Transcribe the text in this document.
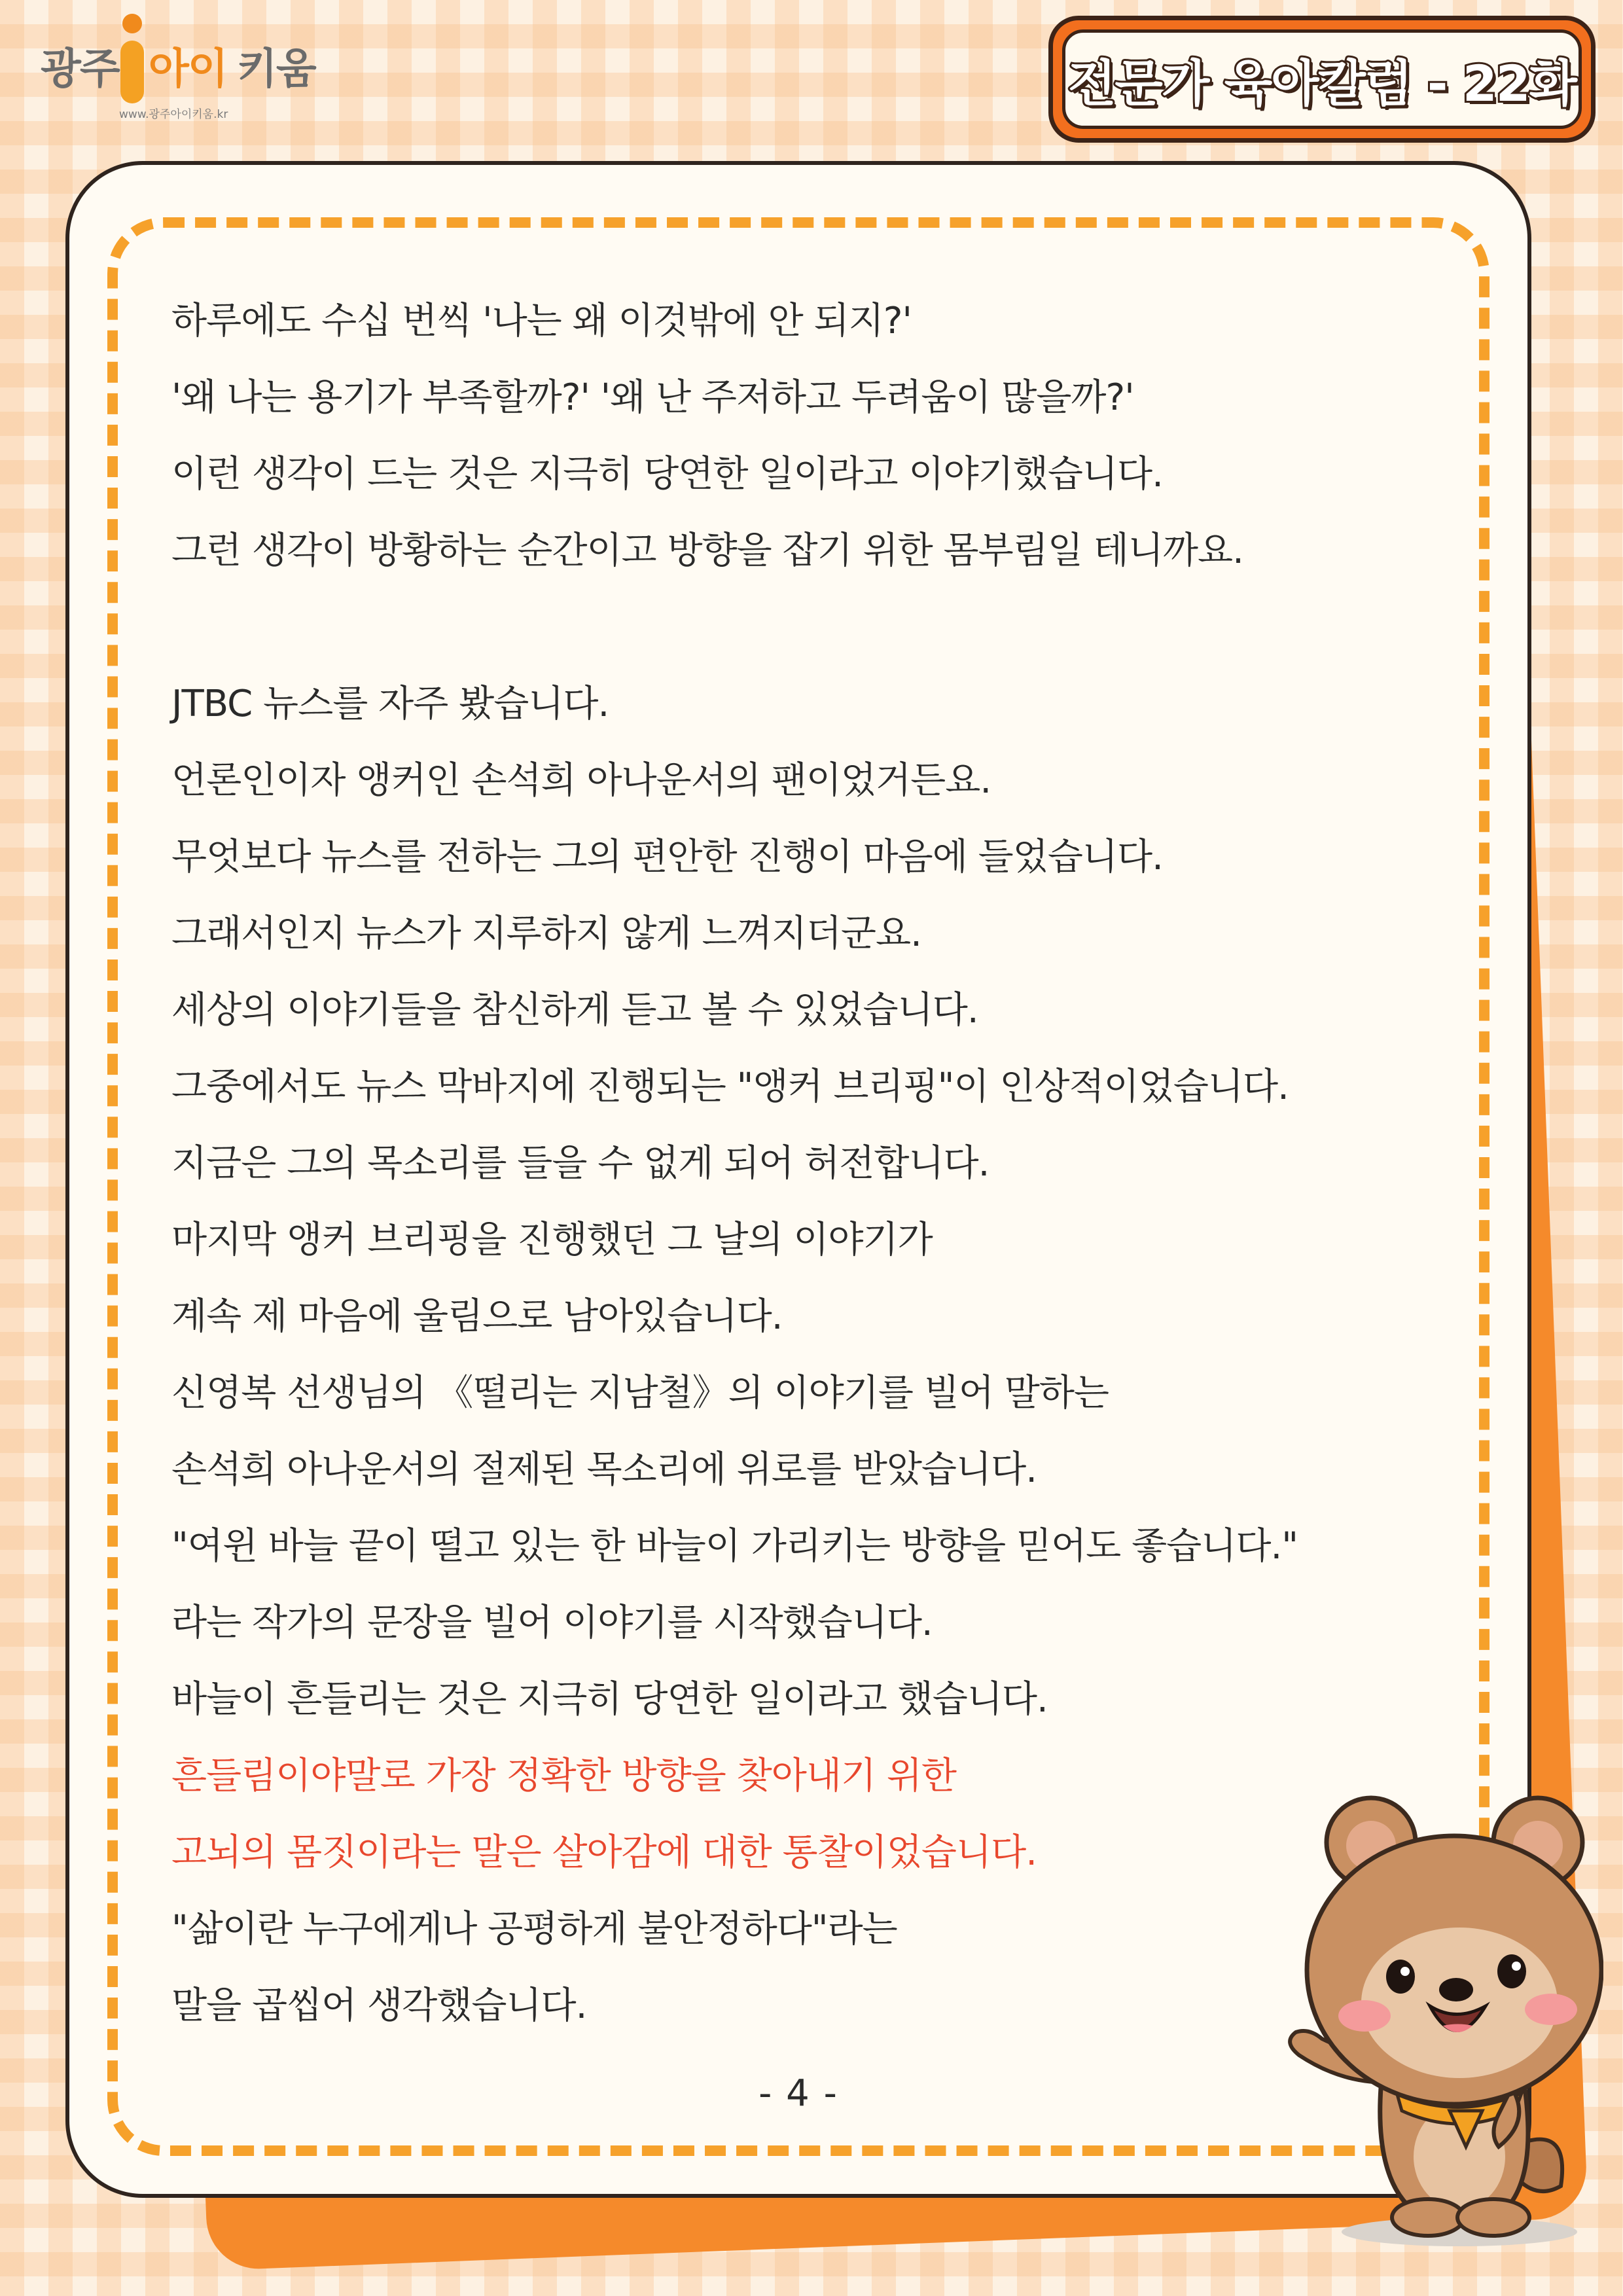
광주 아이 키움
www.광주아이키움.kr
전문가 육아칼럼 - 22화
하루에도 수십 번씩 '나는 왜 이것밖에 안 되지?'
'왜 나는 용기가 부족할까?' '왜 난 주저하고 두려움이 많을까?'
이런 생각이 드는 것은 지극히 당연한 일이라고 이야기했습니다.
그런 생각이 방황하는 순간이고 방향을 잡기 위한 몸부림일 테니까요.
JTBC 뉴스를 자주 봤습니다.
언론인이자 앵커인 손석희 아나운서의 팬이었거든요.
무엇보다 뉴스를 전하는 그의 편안한 진행이 마음에 들었습니다.
그래서인지 뉴스가 지루하지 않게 느껴지더군요.
세상의 이야기들을 참신하게 듣고 볼 수 있었습니다.
그중에서도 뉴스 막바지에 진행되는 "앵커 브리핑"이 인상적이었습니다.
지금은 그의 목소리를 들을 수 없게 되어 허전합니다.
마지막 앵커 브리핑을 진행했던 그 날의 이야기가
계속 제 마음에 울림으로 남아있습니다.
신영복 선생님의 《떨리는 지남철》의 이야기를 빌어 말하는
손석희 아나운서의 절제된 목소리에 위로를 받았습니다.
"여윈 바늘 끝이 떨고 있는 한 바늘이 가리키는 방향을 믿어도 좋습니다."
라는 작가의 문장을 빌어 이야기를 시작했습니다.
바늘이 흔들리는 것은 지극히 당연한 일이라고 했습니다.
흔들림이야말로 가장 정확한 방향을 찾아내기 위한
고뇌의 몸짓이라는 말은 살아감에 대한 통찰이었습니다.
"삶이란 누구에게나 공평하게 불안정하다"라는
말을 곱씹어 생각했습니다.
- 4 -
